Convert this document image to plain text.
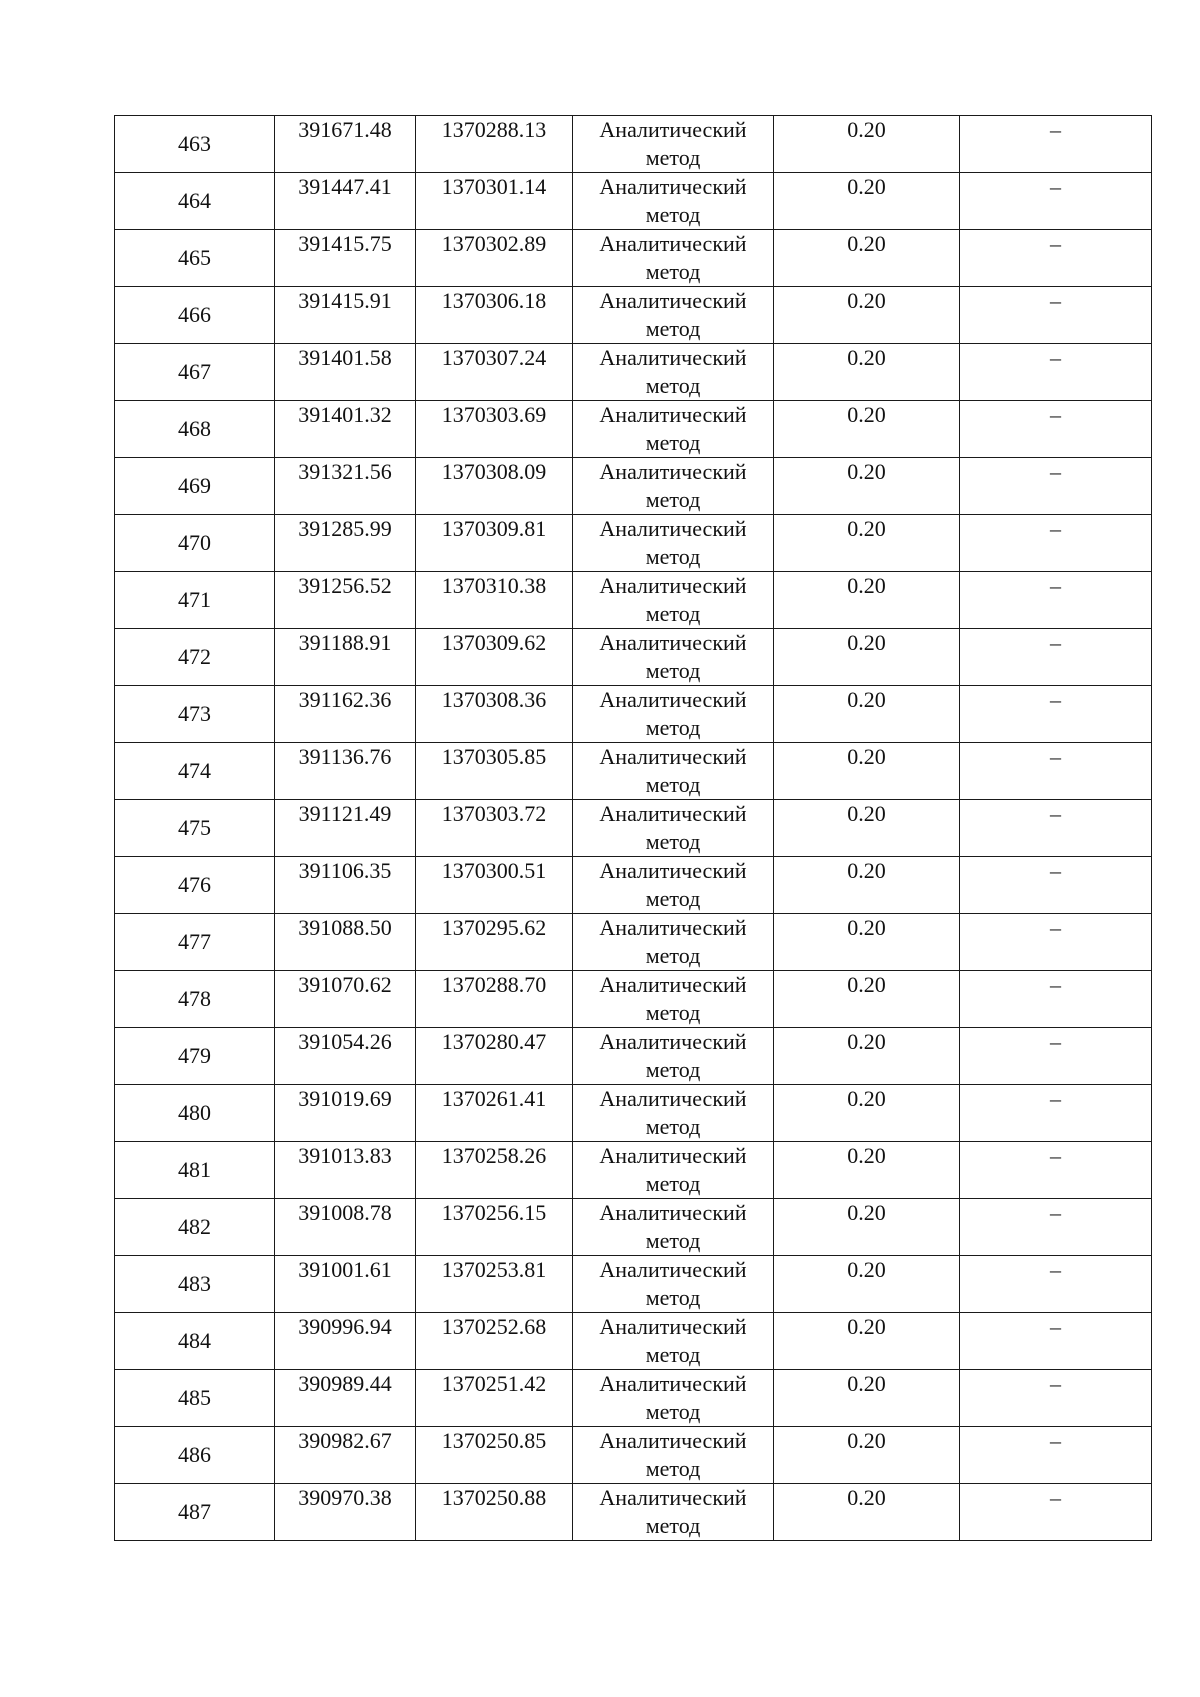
463	391671.48	1370288.13	Аналитический
метод	0.20	–
464	391447.41	1370301.14	Аналитический
метод	0.20	–
465	391415.75	1370302.89	Аналитический
метод	0.20	–
466	391415.91	1370306.18	Аналитический
метод	0.20	–
467	391401.58	1370307.24	Аналитический
метод	0.20	–
468	391401.32	1370303.69	Аналитический
метод	0.20	–
469	391321.56	1370308.09	Аналитический
метод	0.20	–
470	391285.99	1370309.81	Аналитический
метод	0.20	–
471	391256.52	1370310.38	Аналитический
метод	0.20	–
472	391188.91	1370309.62	Аналитический
метод	0.20	–
473	391162.36	1370308.36	Аналитический
метод	0.20	–
474	391136.76	1370305.85	Аналитический
метод	0.20	–
475	391121.49	1370303.72	Аналитический
метод	0.20	–
476	391106.35	1370300.51	Аналитический
метод	0.20	–
477	391088.50	1370295.62	Аналитический
метод	0.20	–
478	391070.62	1370288.70	Аналитический
метод	0.20	–
479	391054.26	1370280.47	Аналитический
метод	0.20	–
480	391019.69	1370261.41	Аналитический
метод	0.20	–
481	391013.83	1370258.26	Аналитический
метод	0.20	–
482	391008.78	1370256.15	Аналитический
метод	0.20	–
483	391001.61	1370253.81	Аналитический
метод	0.20	–
484	390996.94	1370252.68	Аналитический
метод	0.20	–
485	390989.44	1370251.42	Аналитический
метод	0.20	–
486	390982.67	1370250.85	Аналитический
метод	0.20	–
487	390970.38	1370250.88	Аналитический
метод	0.20	–
